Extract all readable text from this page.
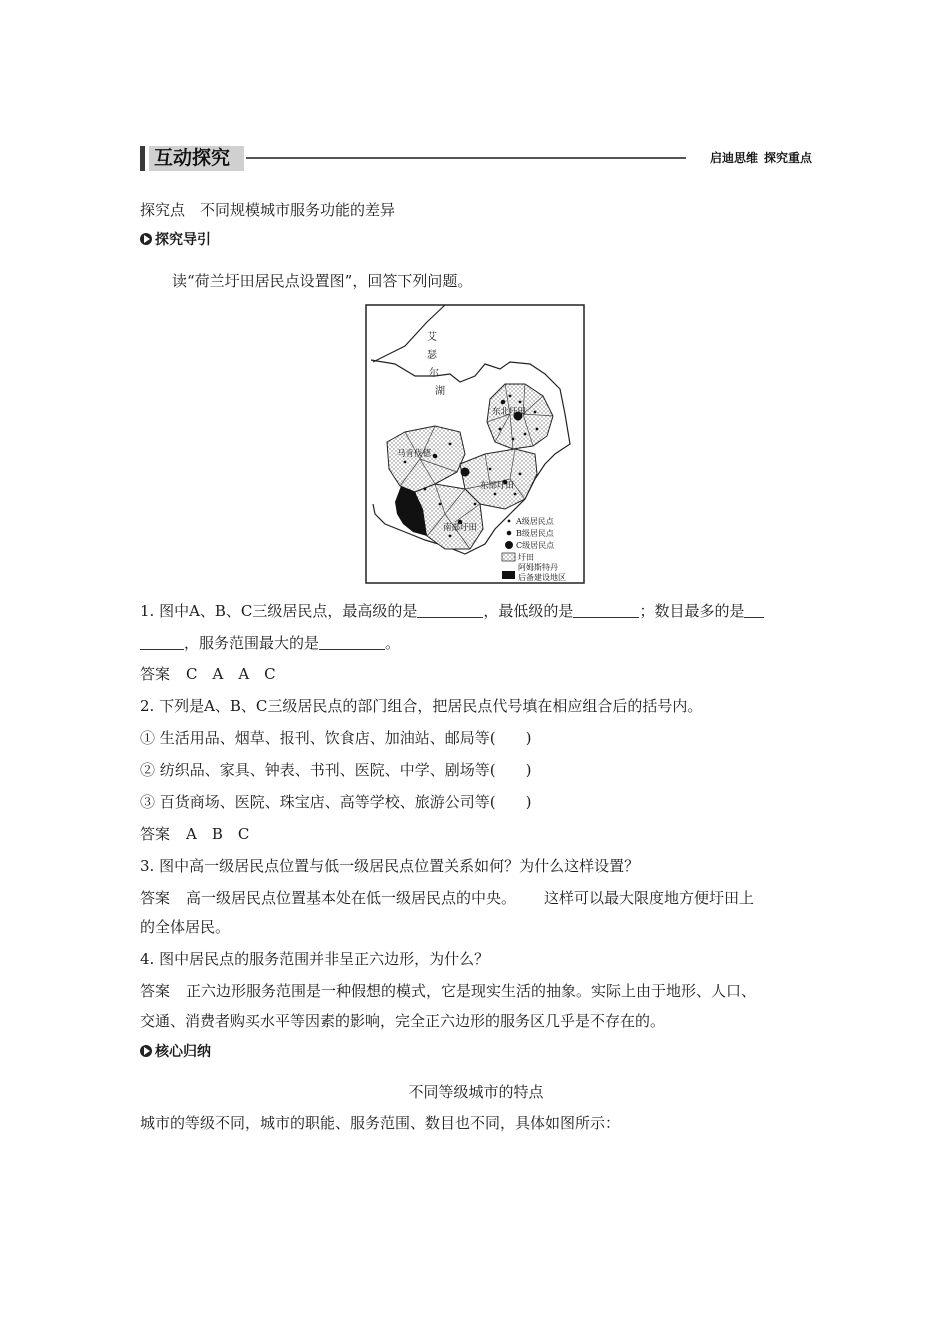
互动探究	启迪思维 探究重点
探究点　不同规模城市服务功能的差异
探究导引
读“荷兰圩田居民点设置图”，回答下列问题。
艾
瑟
尔
湖
东北圩田
马肯伐德
东部圩田
南部圩田
A级居民点
B级居民点
C级居民点
圩田
阿姆斯特丹
后备建设地区
1. 图中A、B、C三级居民点，最高级的是	，最低级的是	；数目最多的是
，服务范围最大的是	。
答案 C　A　A　C
2. 下列是A、B、C三级居民点的部门组合，把居民点代号填在相应组合后的括号内。
① 生活用品、烟草、报刊、饮食店、加油站、邮局等(　　)
② 纺织品、家具、钟表、书刊、医院、中学、剧场等(　　)
③ 百货商场、医院、珠宝店、高等学校、旅游公司等(　　)
答案 A　B　C
3. 图中高一级居民点位置与低一级居民点位置关系如何？为什么这样设置？
答案 高一级居民点位置基本处在低一级居民点的中央。 这样可以最大限度地方便圩田上
的全体居民。
4. 图中居民点的服务范围并非呈正六边形，为什么？
答案 正六边形服务范围是一种假想的模式，它是现实生活的抽象。实际上由于地形、人口、
交通、消费者购买水平等因素的影响，完全正六边形的服务区几乎是不存在的。
核心归纳
不同等级城市的特点
城市的等级不同，城市的职能、服务范围、数目也不同，具体如图所示：
